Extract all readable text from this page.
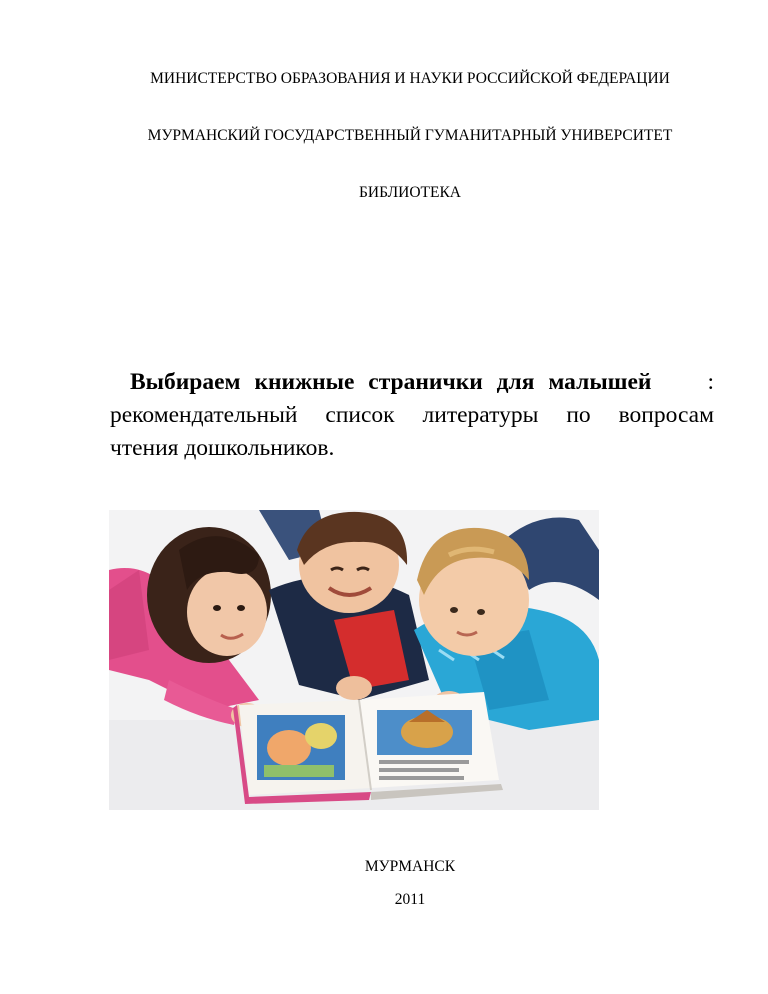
МИНИСТЕРСТВО ОБРАЗОВАНИЯ И НАУКИ РОССИЙСКОЙ ФЕДЕРАЦИИ
МУРМАНСКИЙ ГОСУДАРСТВЕННЫЙ ГУМАНИТАРНЫЙ УНИВЕРСИТЕТ
БИБЛИОТЕКА
Выбираем книжные странички для малышей :
рекомендательный список литературы по вопросам
чтения дошкольников.
МУРМАНСК
2011
